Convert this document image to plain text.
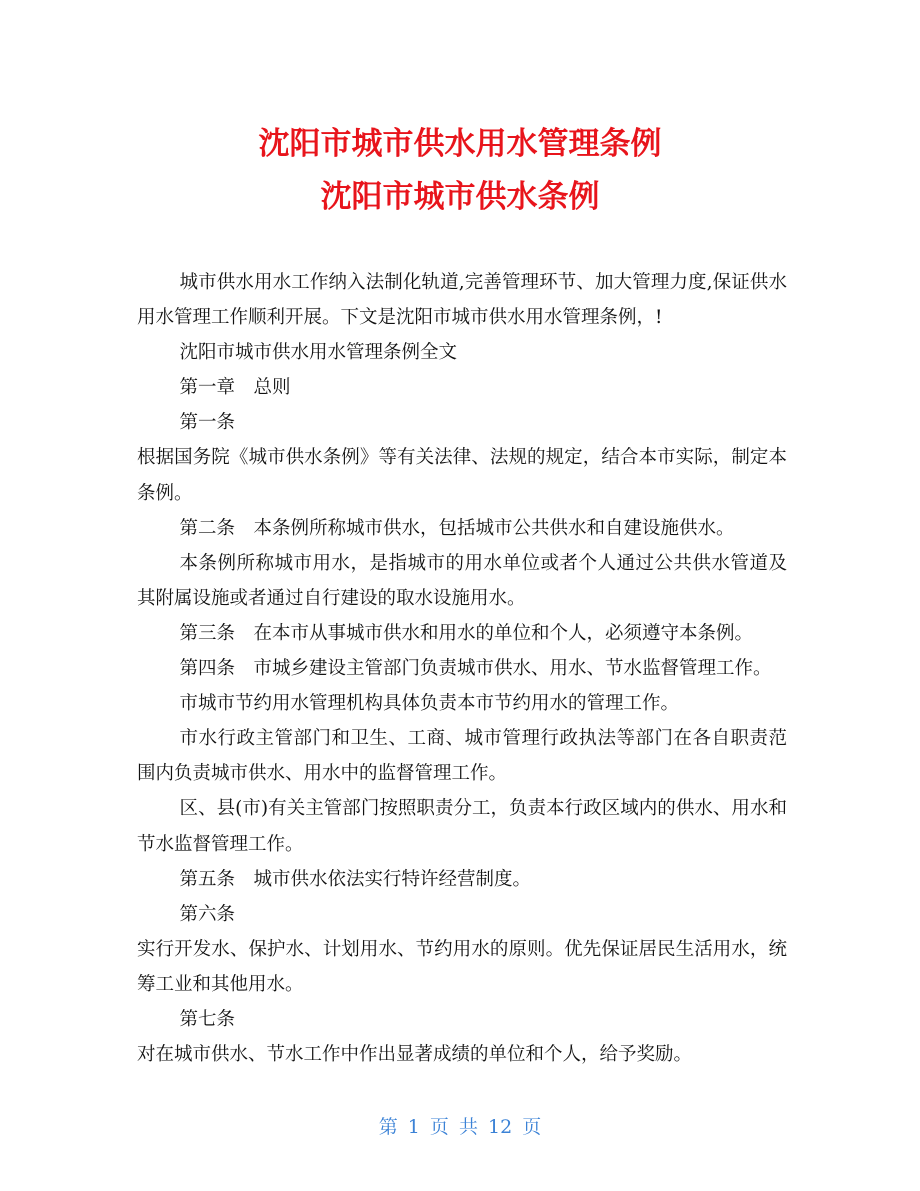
沈阳市城市供水用水管理条例
沈阳市城市供水条例

城市供水用水工作纳入法制化轨道,完善管理环节、加大管理力度,保证供水用水管理工作顺利开展。下文是沈阳市城市供水用水管理条例，!

沈阳市城市供水用水管理条例全文

第一章　总则

第一条

根据国务院《城市供水条例》等有关法律、法规的规定，结合本市实际，制定本条例。

第二条　本条例所称城市供水，包括城市公共供水和自建设施供水。

本条例所称城市用水，是指城市的用水单位或者个人通过公共供水管道及其附属设施或者通过自行建设的取水设施用水。

第三条　在本市从事城市供水和用水的单位和个人，必须遵守本条例。

第四条　市城乡建设主管部门负责城市供水、用水、节水监督管理工作。

市城市节约用水管理机构具体负责本市节约用水的管理工作。

市水行政主管部门和卫生、工商、城市管理行政执法等部门在各自职责范围内负责城市供水、用水中的监督管理工作。

区、县(市)有关主管部门按照职责分工，负责本行政区域内的供水、用水和节水监督管理工作。

第五条　城市供水依法实行特许经营制度。

第六条

实行开发水、保护水、计划用水、节约用水的原则。优先保证居民生活用水，统筹工业和其他用水。

第七条

对在城市供水、节水工作中作出显著成绩的单位和个人，给予奖励。

第 1 页 共 12 页
